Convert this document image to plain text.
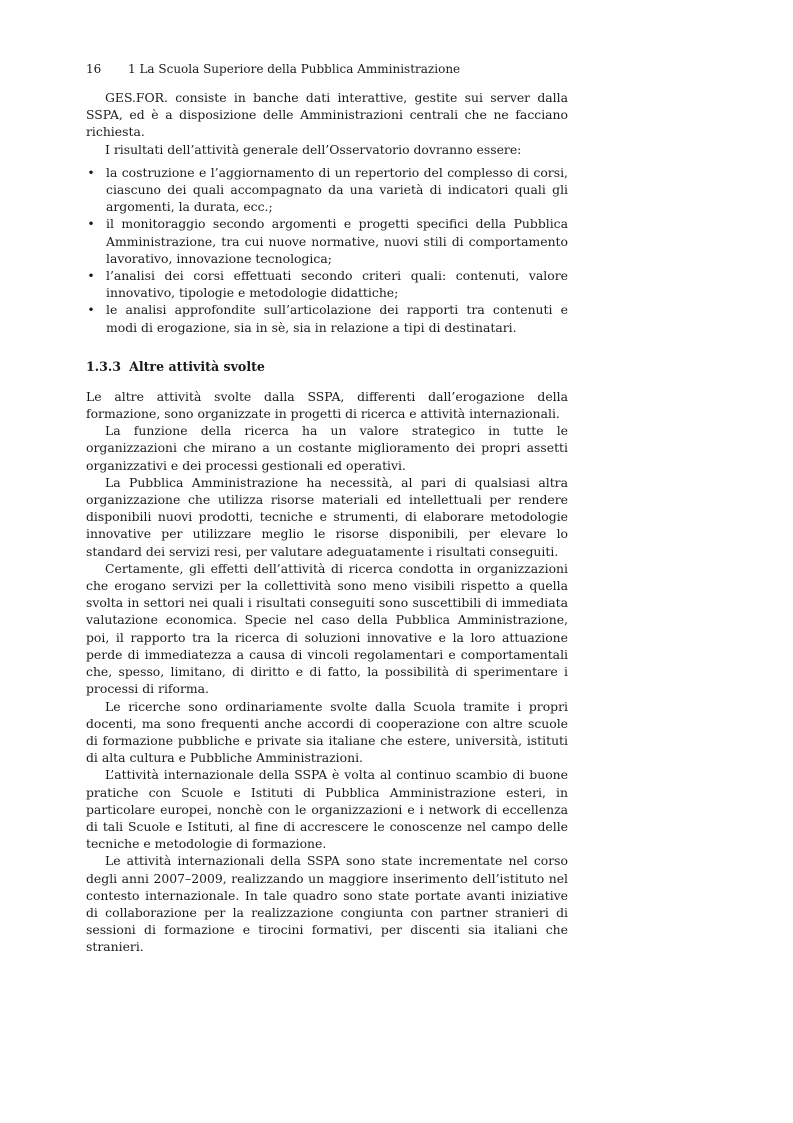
16 1 La Scuola Superiore della Pubblica Amministrazione

GES.FOR. consiste in banche dati interattive, gestite sui server dalla SSPA, ed è a disposizione delle Amministrazioni centrali che ne facciano richiesta.

I risultati dell’attività generale dell’Osservatorio dovranno essere:

• la costruzione e l’aggiornamento di un repertorio del complesso di corsi, ciascuno dei quali accompagnato da una varietà di indicatori quali gli argomenti, la durata, ecc.;
• il monitoraggio secondo argomenti e progetti specifici della Pubblica Amministrazione, tra cui nuove normative, nuovi stili di comportamento lavorativo, innovazione tecnologica;
• l’analisi dei corsi effettuati secondo criteri quali: contenuti, valore innovativo, tipologie e metodologie didattiche;
• le analisi approfondite sull’articolazione dei rapporti tra contenuti e modi di erogazione, sia in sè, sia in relazione a tipi di destinatari.
1.3.3 Altre attività svolte

Le altre attività svolte dalla SSPA, differenti dall’erogazione della formazione, sono organizzate in progetti di ricerca e attività internazionali.

La funzione della ricerca ha un valore strategico in tutte le organizzazioni che mirano a un costante miglioramento dei propri assetti organizzativi e dei processi gestionali ed operativi.

La Pubblica Amministrazione ha necessità, al pari di qualsiasi altra organizzazione che utilizza risorse materiali ed intellettuali per rendere disponibili nuovi prodotti, tecniche e strumenti, di elaborare metodologie innovative per utilizzare meglio le risorse disponibili, per elevare lo standard dei servizi resi, per valutare adeguatamente i risultati conseguiti.

Certamente, gli effetti dell’attività di ricerca condotta in organizzazioni che erogano servizi per la collettività sono meno visibili rispetto a quella svolta in settori nei quali i risultati conseguiti sono suscettibili di immediata valutazione economica. Specie nel caso della Pubblica Amministrazione, poi, il rapporto tra la ricerca di soluzioni innovative e la loro attuazione perde di immediatezza a causa di vincoli regolamentari e comportamentali che, spesso, limitano, di diritto e di fatto, la possibilità di sperimentare i processi di riforma.

Le ricerche sono ordinariamente svolte dalla Scuola tramite i propri docenti, ma sono frequenti anche accordi di cooperazione con altre scuole di formazione pubbliche e private sia italiane che estere, università, istituti di alta cultura e Pubbliche Amministrazioni.

L’attività internazionale della SSPA è volta al continuo scambio di buone pratiche con Scuole e Istituti di Pubblica Amministrazione esteri, in particolare europei, nonchè con le organizzazioni e i network di eccellenza di tali Scuole e Istituti, al fine di accrescere le conoscenze nel campo delle tecniche e metodologie di formazione.

Le attività internazionali della SSPA sono state incrementate nel corso degli anni 2007–2009, realizzando un maggiore inserimento dell’istituto nel contesto internazionale. In tale quadro sono state portate avanti iniziative di collaborazione per la realizzazione congiunta con partner stranieri di sessioni di formazione e tirocini formativi, per discenti sia italiani che stranieri.
